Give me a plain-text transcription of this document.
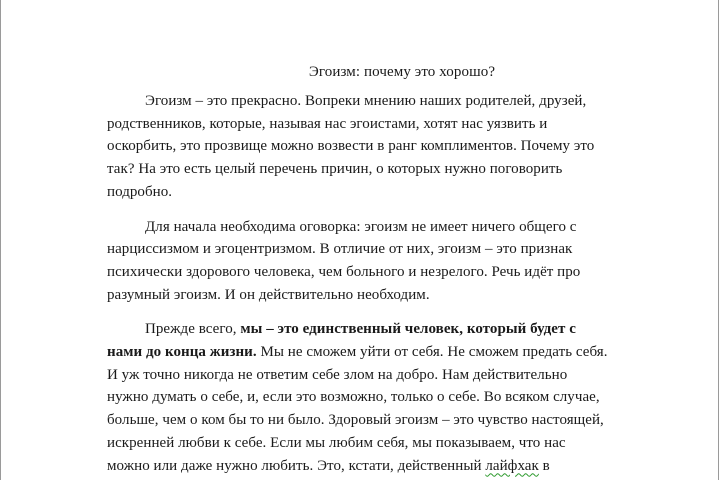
Эгоизм: почему это хорошо?

Эгоизм – это прекрасно. Вопреки мнению наших родителей, друзей,
родственников, которые, называя нас эгоистами, хотят нас уязвить и
оскорбить, это прозвище можно возвести в ранг комплиментов. Почему это
так? На это есть целый перечень причин, о которых нужно поговорить
подробно.

Для начала необходима оговорка: эгоизм не имеет ничего общего с
нарциссизмом и эгоцентризмом. В отличие от них, эгоизм – это признак
психически здорового человека, чем больного и незрелого. Речь идёт про
разумный эгоизм. И он действительно необходим.

Прежде всего, мы – это единственный человек, который будет с
нами до конца жизни. Мы не сможем уйти от себя. Не сможем предать себя.
И уж точно никогда не ответим себе злом на добро. Нам действительно
нужно думать о себе, и, если это возможно, только о себе. Во всяком случае,
больше, чем о ком бы то ни было. Здоровый эгоизм – это чувство настоящей,
искренней любви к себе. Если мы любим себя, мы показываем, что нас
можно или даже нужно любить. Это, кстати, действенный лайфхак в
